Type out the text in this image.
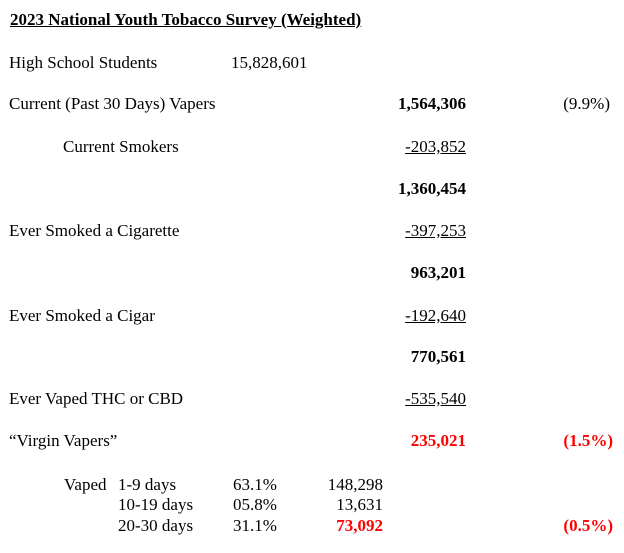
2023 National Youth Tobacco Survey (Weighted)
High School Students	15,828,601
Current (Past 30 Days) Vapers	1,564,306	(9.9%)
Current Smokers	-203,852
1,360,454
Ever Smoked a Cigarette	-397,253
963,201
Ever Smoked a Cigar	-192,640
770,561
Ever Vaped THC or CBD	-535,540
“Virgin Vapers”	235,021	(1.5%)
Vaped 1-9 days	63.1%	148,298
10-19 days 05.8%	13,631
20-30 days 31.1%	73,092	(0.5%)
